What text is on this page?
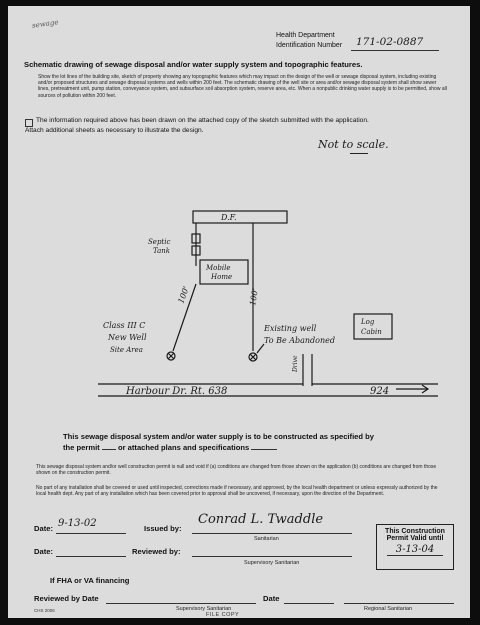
sewage
Health Department
Identification Number 171-02-0887
Schematic drawing of sewage disposal and/or water supply system and topographic features.
Show the lot lines of the building site, sketch of property showing any topographic features which may impact on the design of the well or sewage disposal system, including existing and/or proposed structures and sewage disposal systems and wells within 200 feet. The schematic drawing of the well site or area and/or sewage disposal system shall show sewer lines, pretreatment unit, pump station, conveyance system, and subsurface soil absorption system, reserve area, etc. When a nonpublic drinking water supply is to be permitted, show all sources of pollution within 200 feet.
The information required above has been drawn on the attached copy of the sketch submitted with the application.
Attach additional sheets as necessary to illustrate the design.
Not to scale.
D.F.
Septic
Tank
Mobile
Home
100'	100'
Class III C
New Well
Site Area
Existing well
To Be Abandoned
Log
Cabin
Drive
Harbour Dr. Rt. 638	924
This sewage disposal system and/or water supply is to be constructed as specified by
the permit or attached plans and specifications
This sewage disposal system and/or well construction permit is null and void if (a) conditions are changed from those shown on the application (b) conditions are changed from those shown on the construction permit.
No part of any installation shall be covered or used until inspected, corrections made if necessary, and approved, by the local health department or unless expressly authorized by the local health dept. Any part of any installation which has been covered prior to approval shall be uncovered, if necessary, upon the direction of the Department.
Date: 9-13-02	Issued by:
Conrad L. Twaddle
Sanitarian
This Construction
Permit Valid until
3-13-04
Date:	Reviewed by:
Supervisory Sanitarian
If FHA or VA financing
Reviewed by Date	Date
Supervisory Sanitarian	Regional Sanitarian
CHS 2006
FILE COPY
